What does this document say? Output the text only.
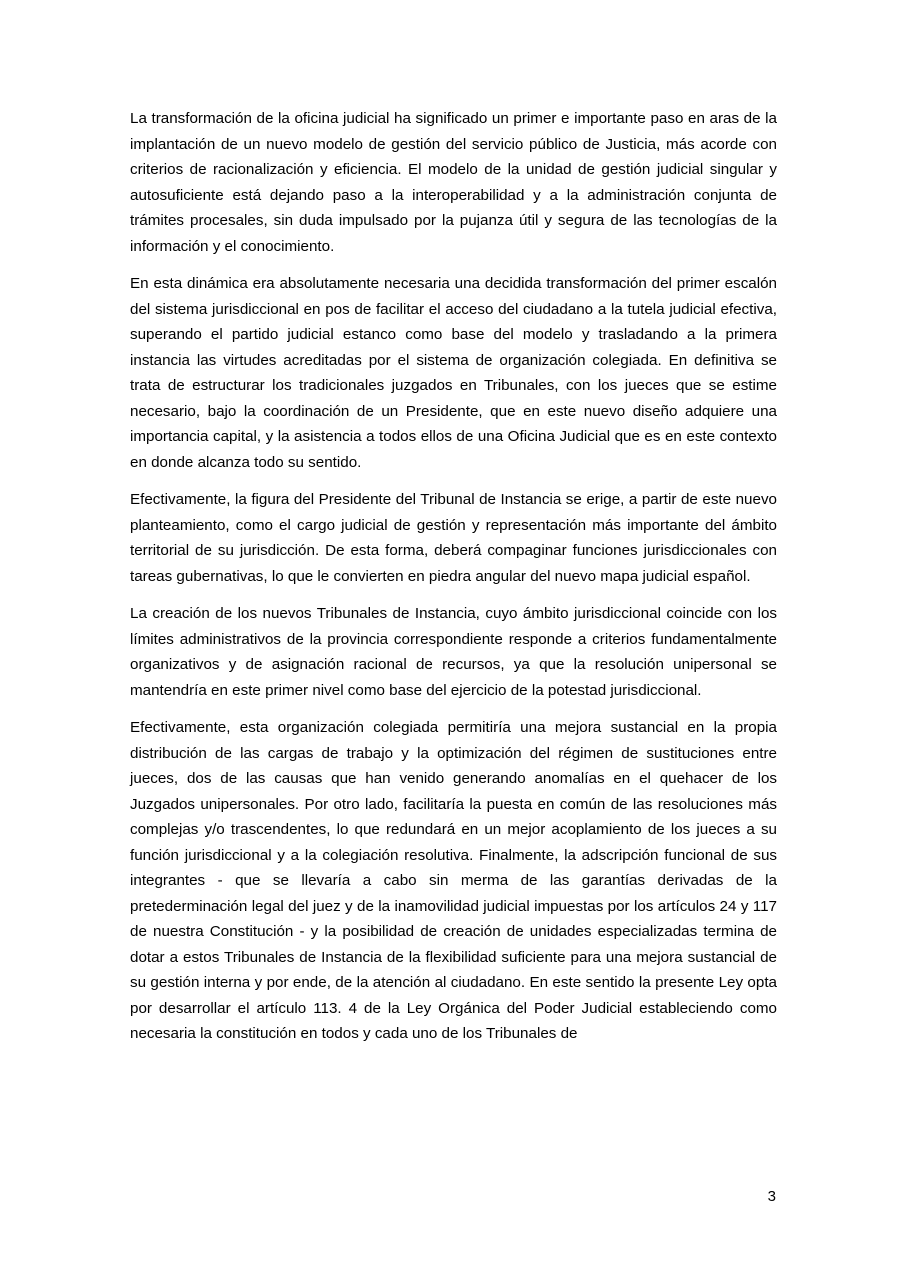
La transformación de la oficina judicial ha significado un primer e importante paso en aras de la implantación de un nuevo modelo de gestión del servicio público de Justicia, más acorde con criterios de racionalización y eficiencia. El modelo de la unidad de gestión judicial singular y autosuficiente está dejando paso a la interoperabilidad y a la administración conjunta de trámites procesales, sin duda impulsado por la pujanza útil y segura de las tecnologías de la información y el conocimiento.

En esta dinámica era absolutamente necesaria una decidida transformación del primer escalón del sistema jurisdiccional en pos de facilitar el acceso del ciudadano a la tutela judicial efectiva, superando el partido judicial estanco como base del modelo y trasladando a la primera instancia las virtudes acreditadas por el sistema de organización colegiada. En definitiva se trata de estructurar los tradicionales juzgados en Tribunales, con los jueces que se estime necesario, bajo la coordinación de un Presidente, que en este nuevo diseño adquiere una importancia capital, y la asistencia a todos ellos de una Oficina Judicial que es en este contexto en donde alcanza todo su sentido.

Efectivamente, la figura del Presidente del Tribunal de Instancia se erige, a partir de este nuevo planteamiento, como el cargo judicial de gestión y representación más importante del ámbito territorial de su jurisdicción. De esta forma, deberá compaginar funciones jurisdiccionales con tareas gubernativas, lo que le convierten en piedra angular del nuevo mapa judicial español.

La creación de los nuevos Tribunales de Instancia, cuyo ámbito jurisdiccional coincide con los límites administrativos de la provincia correspondiente responde a criterios fundamentalmente organizativos y de asignación racional de recursos, ya que la resolución unipersonal se mantendría en este primer nivel como base del ejercicio de la potestad jurisdiccional.

Efectivamente, esta organización colegiada permitiría una mejora sustancial en la propia distribución de las cargas de trabajo y la optimización del régimen de sustituciones entre jueces, dos de las causas que han venido generando anomalías en el quehacer de los Juzgados unipersonales. Por otro lado, facilitaría la puesta en común de las resoluciones más complejas y/o trascendentes, lo que redundará en un mejor acoplamiento de los jueces a su función jurisdiccional y a la colegiación resolutiva. Finalmente, la adscripción funcional de sus integrantes - que se llevaría a cabo sin merma de las garantías derivadas de la pretederminación legal del juez y de la inamovilidad judicial impuestas por los artículos 24 y 117 de nuestra Constitución - y la posibilidad de creación de unidades especializadas termina de dotar a estos Tribunales de Instancia de la flexibilidad suficiente para una mejora sustancial de su gestión interna y por ende, de la atención al ciudadano. En este sentido la presente Ley opta por desarrollar el artículo 113. 4 de la Ley Orgánica del Poder Judicial estableciendo como necesaria la constitución en todos y cada uno de los Tribunales de

3
